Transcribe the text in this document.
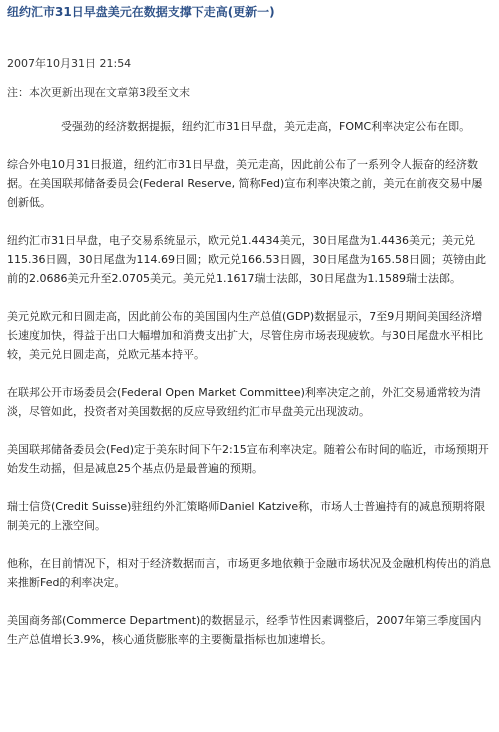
纽约汇市31日早盘美元在数据支撑下走高(更新一)
2007年10月31日 21:54
注：本次更新出现在文章第3段至文末

受强劲的经济数据提振，纽约汇市31日早盘，美元走高，FOMC利率决定公布在即。

综合外电10月31日报道，纽约汇市31日早盘，美元走高，因此前公布了一系列令人振奋的经济数据。在美国联邦储备委员会(Federal Reserve, 简称Fed)宣布利率决策之前，美元在前夜交易中屡创新低。

纽约汇市31日早盘，电子交易系统显示，欧元兑1.4434美元，30日尾盘为1.4436美元；美元兑115.36日圆，30日尾盘为114.69日圆；欧元兑166.53日圆，30日尾盘为165.58日圆；英镑由此前的2.0686美元升至2.0705美元。美元兑1.1617瑞士法郎，30日尾盘为1.1589瑞士法郎。

美元兑欧元和日圆走高，因此前公布的美国国内生产总值(GDP)数据显示，7至9月期间美国经济增长速度加快，得益于出口大幅增加和消费支出扩大，尽管住房市场表现疲软。与30日尾盘水平相比较，美元兑日圆走高，兑欧元基本持平。

在联邦公开市场委员会(Federal Open Market Committee)利率决定之前，外汇交易通常较为清淡，尽管如此，投资者对美国数据的反应导致纽约汇市早盘美元出现波动。

美国联邦储备委员会(Fed)定于美东时间下午2:15宣布利率决定。随着公布时间的临近，市场预期开始发生动摇，但是减息25个基点仍是最普遍的预期。

瑞士信贷(Credit Suisse)驻纽约外汇策略师Daniel Katzive称，市场人士普遍持有的减息预期将限制美元的上涨空间。

他称，在目前情况下，相对于经济数据而言，市场更多地依赖于金融市场状况及金融机构传出的消息来推断Fed的利率决定。

美国商务部(Commerce Department)的数据显示，经季节性因素调整后，2007年第三季度国内生产总值增长3.9%，核心通货膨胀率的主要衡量指标也加速增长。
